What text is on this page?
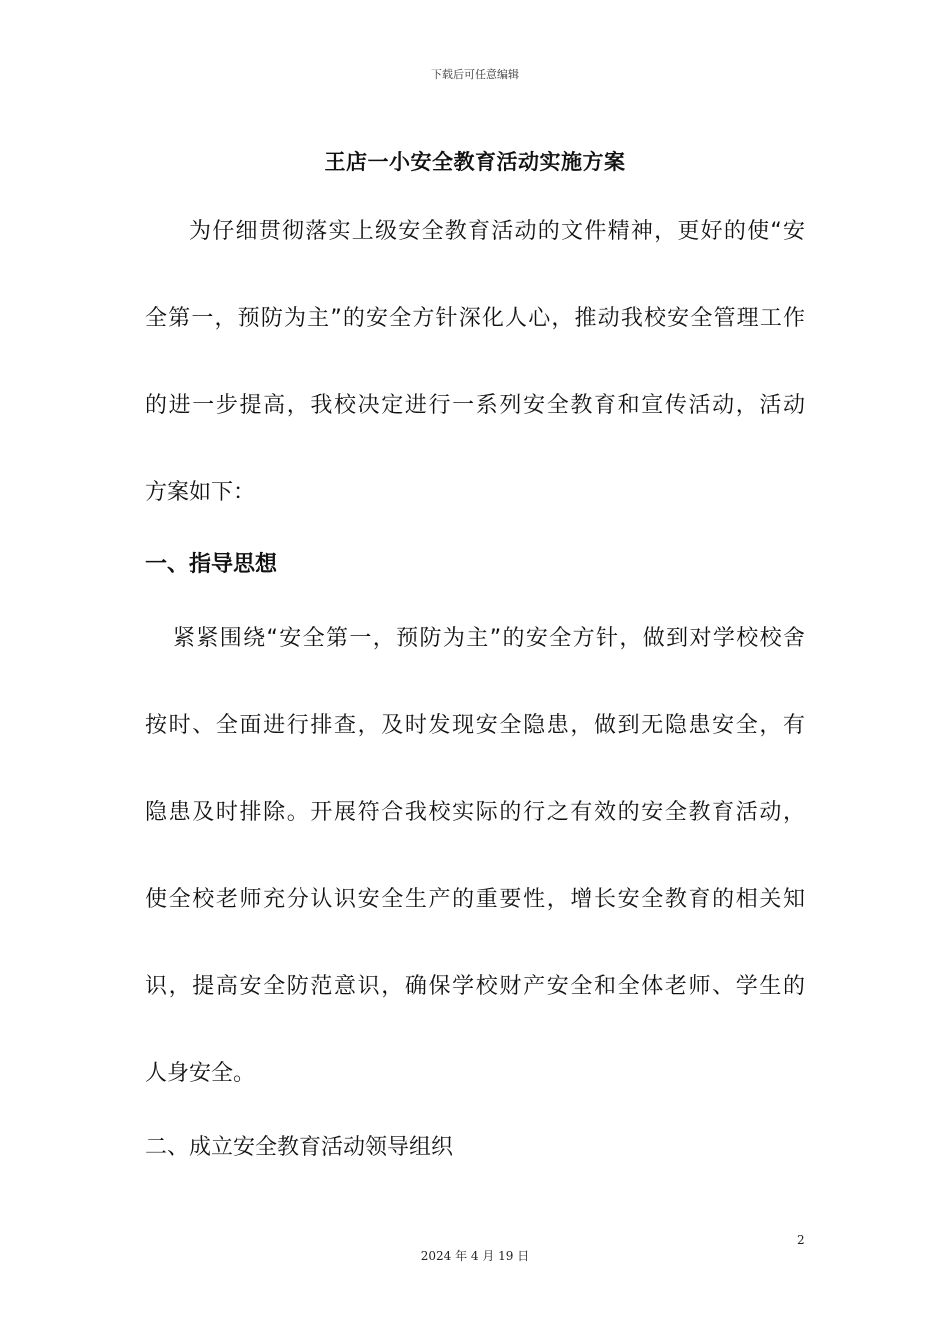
下载后可任意编辑
王店一小安全教育活动实施方案
为仔细贯彻落实上级安全教育活动的文件精神，更好的使“安
全第一，预防为主”的安全方针深化人心，推动我校安全管理工作
的进一步提高，我校决定进行一系列安全教育和宣传活动，活动
方案如下：
一、指导思想
紧紧围绕“安全第一，预防为主”的安全方针，做到对学校校舍
按时、全面进行排查，及时发现安全隐患，做到无隐患安全，有
隐患及时排除。开展符合我校实际的行之有效的安全教育活动，
使全校老师充分认识安全生产的重要性，增长安全教育的相关知
识，提高安全防范意识，确保学校财产安全和全体老师、学生的
人身安全。
二、成立安全教育活动领导组织
2
2024 年 4 月 19 日
